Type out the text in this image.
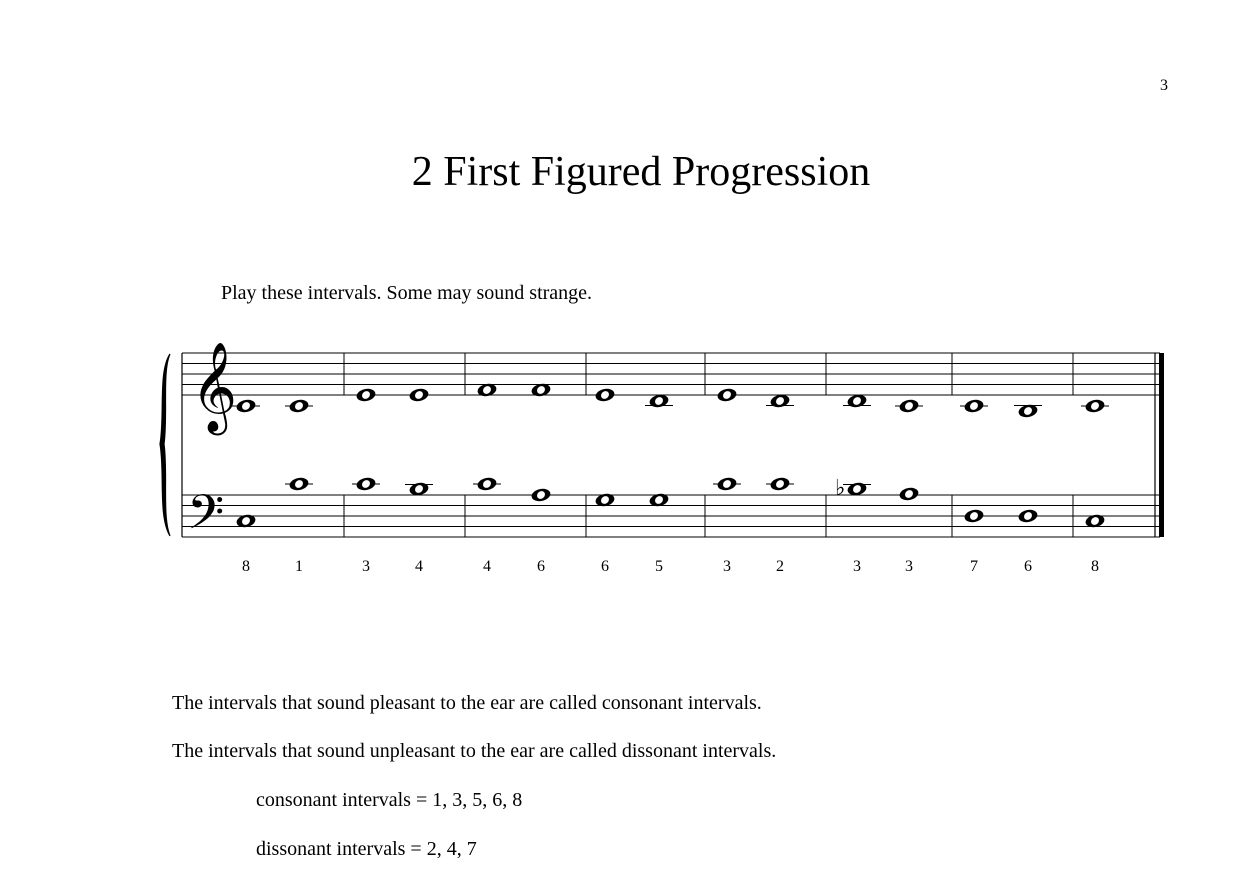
3
2 First Figured Progression
Play these intervals. Some may sound strange.
𝄞
𝄢	♭
8	1	3	4	4	6	6	5	3	2	3	3	7	6	8
The intervals that sound pleasant to the ear are called consonant intervals.
The intervals that sound unpleasant to the ear are called dissonant intervals.
consonant intervals = 1, 3, 5, 6, 8
dissonant intervals = 2, 4, 7
